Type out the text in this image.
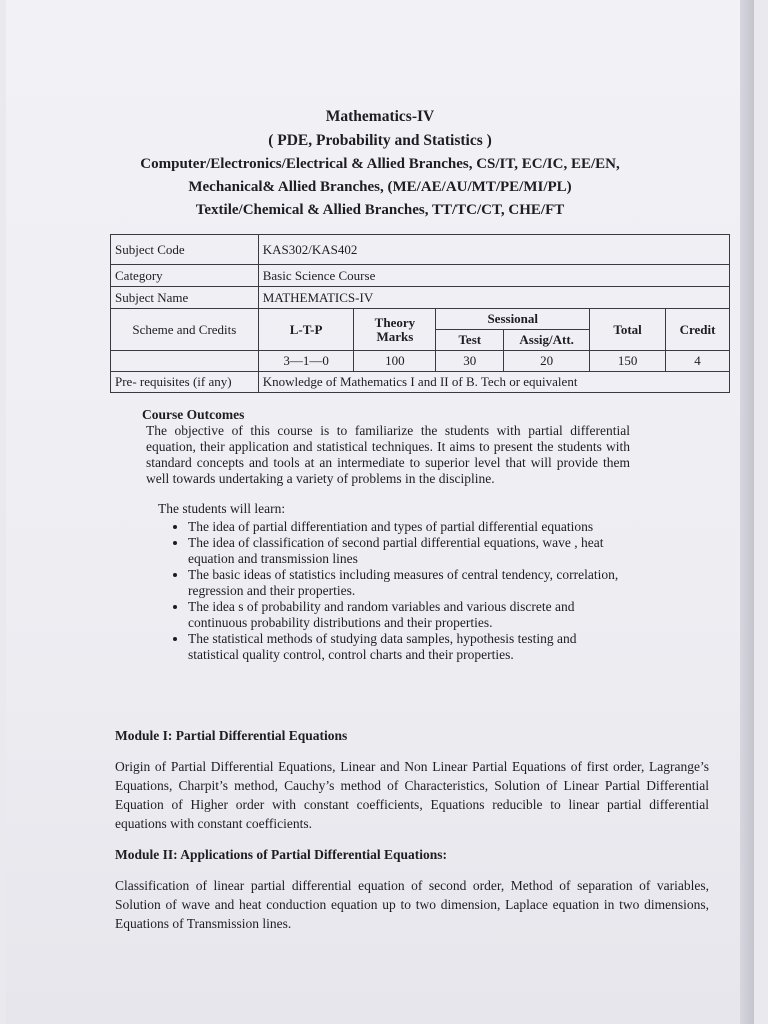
Mathematics-IV
( PDE, Probability and Statistics )
Computer/Electronics/Electrical & Allied Branches, CS/IT, EC/IC, EE/EN,
Mechanical& Allied Branches, (ME/AE/AU/MT/PE/MI/PL)
Textile/Chemical & Allied Branches, TT/TC/CT, CHE/FT
Subject Code	KAS302/KAS402					
Category	Basic Science Course					
Subject Name	MATHEMATICS-IV					
Scheme and Credits	L-T-P	Theory Marks	Sessional		Total	Credit
			Test	Assig/Att.		
	3—1—0	100	30	20	150	4
Pre- requisites (if any)	Knowledge of Mathematics I and II of B. Tech or equivalent					
Course Outcomes
The objective of this course is to familiarize the students with partial differential equation, their application and statistical techniques. It aims to present the students with standard concepts and tools at an intermediate to superior level that will provide them well towards undertaking a variety of problems in the discipline.
The students will learn:
• The idea of partial differentiation and types of partial differential equations
• The idea of classification of second partial differential equations, wave , heat equation and transmission lines
• The basic ideas of statistics including measures of central tendency, correlation, regression and their properties.
• The idea s of probability and random variables and various discrete and continuous probability distributions and their properties.
• The statistical methods of studying data samples, hypothesis testing and statistical quality control, control charts and their properties.
Module I: Partial Differential Equations
Origin of Partial Differential Equations, Linear and Non Linear Partial Equations of first order, Lagrange’s Equations, Charpit’s method, Cauchy’s method of Characteristics, Solution of Linear Partial Differential Equation of Higher order with constant coefficients, Equations reducible to linear partial differential equations with constant coefficients.
Module II: Applications of Partial Differential Equations:
Classification of linear partial differential equation of second order, Method of separation of variables, Solution of wave and heat conduction equation up to two dimension, Laplace equation in two dimensions, Equations of Transmission lines.
